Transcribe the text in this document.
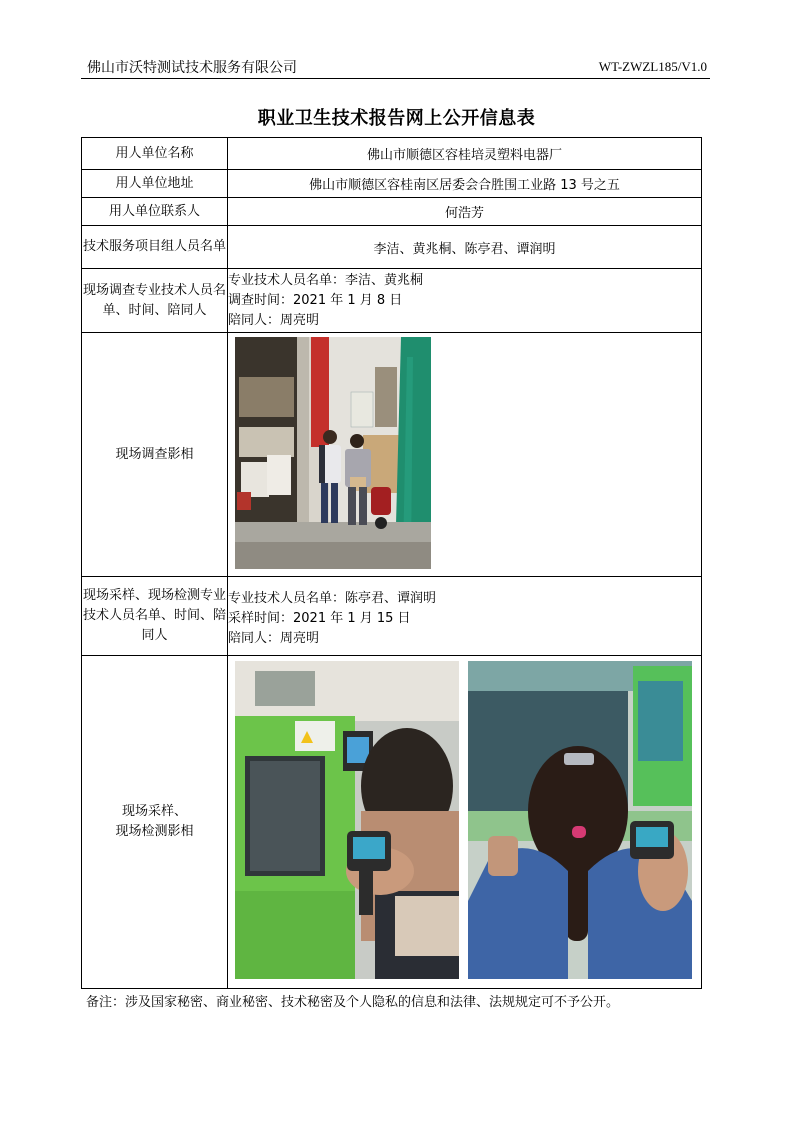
佛山市沃特测试技术服务有限公司	WT-ZWZL185/V1.0
职业卫生技术报告网上公开信息表
用人单位名称	佛山市顺德区容桂培灵塑料电器厂
用人单位地址	佛山市顺德区容桂南区居委会合胜围工业路 13 号之五
用人单位联系人	何浩芳
技术服务项目组人员名单	李洁、黄兆桐、陈亭君、谭润明
现场调查专业技术人员名单、时间、陪同人	专业技术人员名单：李洁、黄兆桐
调查时间：2021 年 1 月 8 日
陪同人：周亮明

现场调查影相	
现场采样、现场检测专业技术人员名单、时间、陪同人	专业技术人员名单：陈亭君、谭润明
采样时间：2021 年 1 月 15 日
陪同人：周亮明

现场采样、
现场检测影相

备注：涉及国家秘密、商业秘密、技术秘密及个人隐私的信息和法律、法规规定可不予公开。
